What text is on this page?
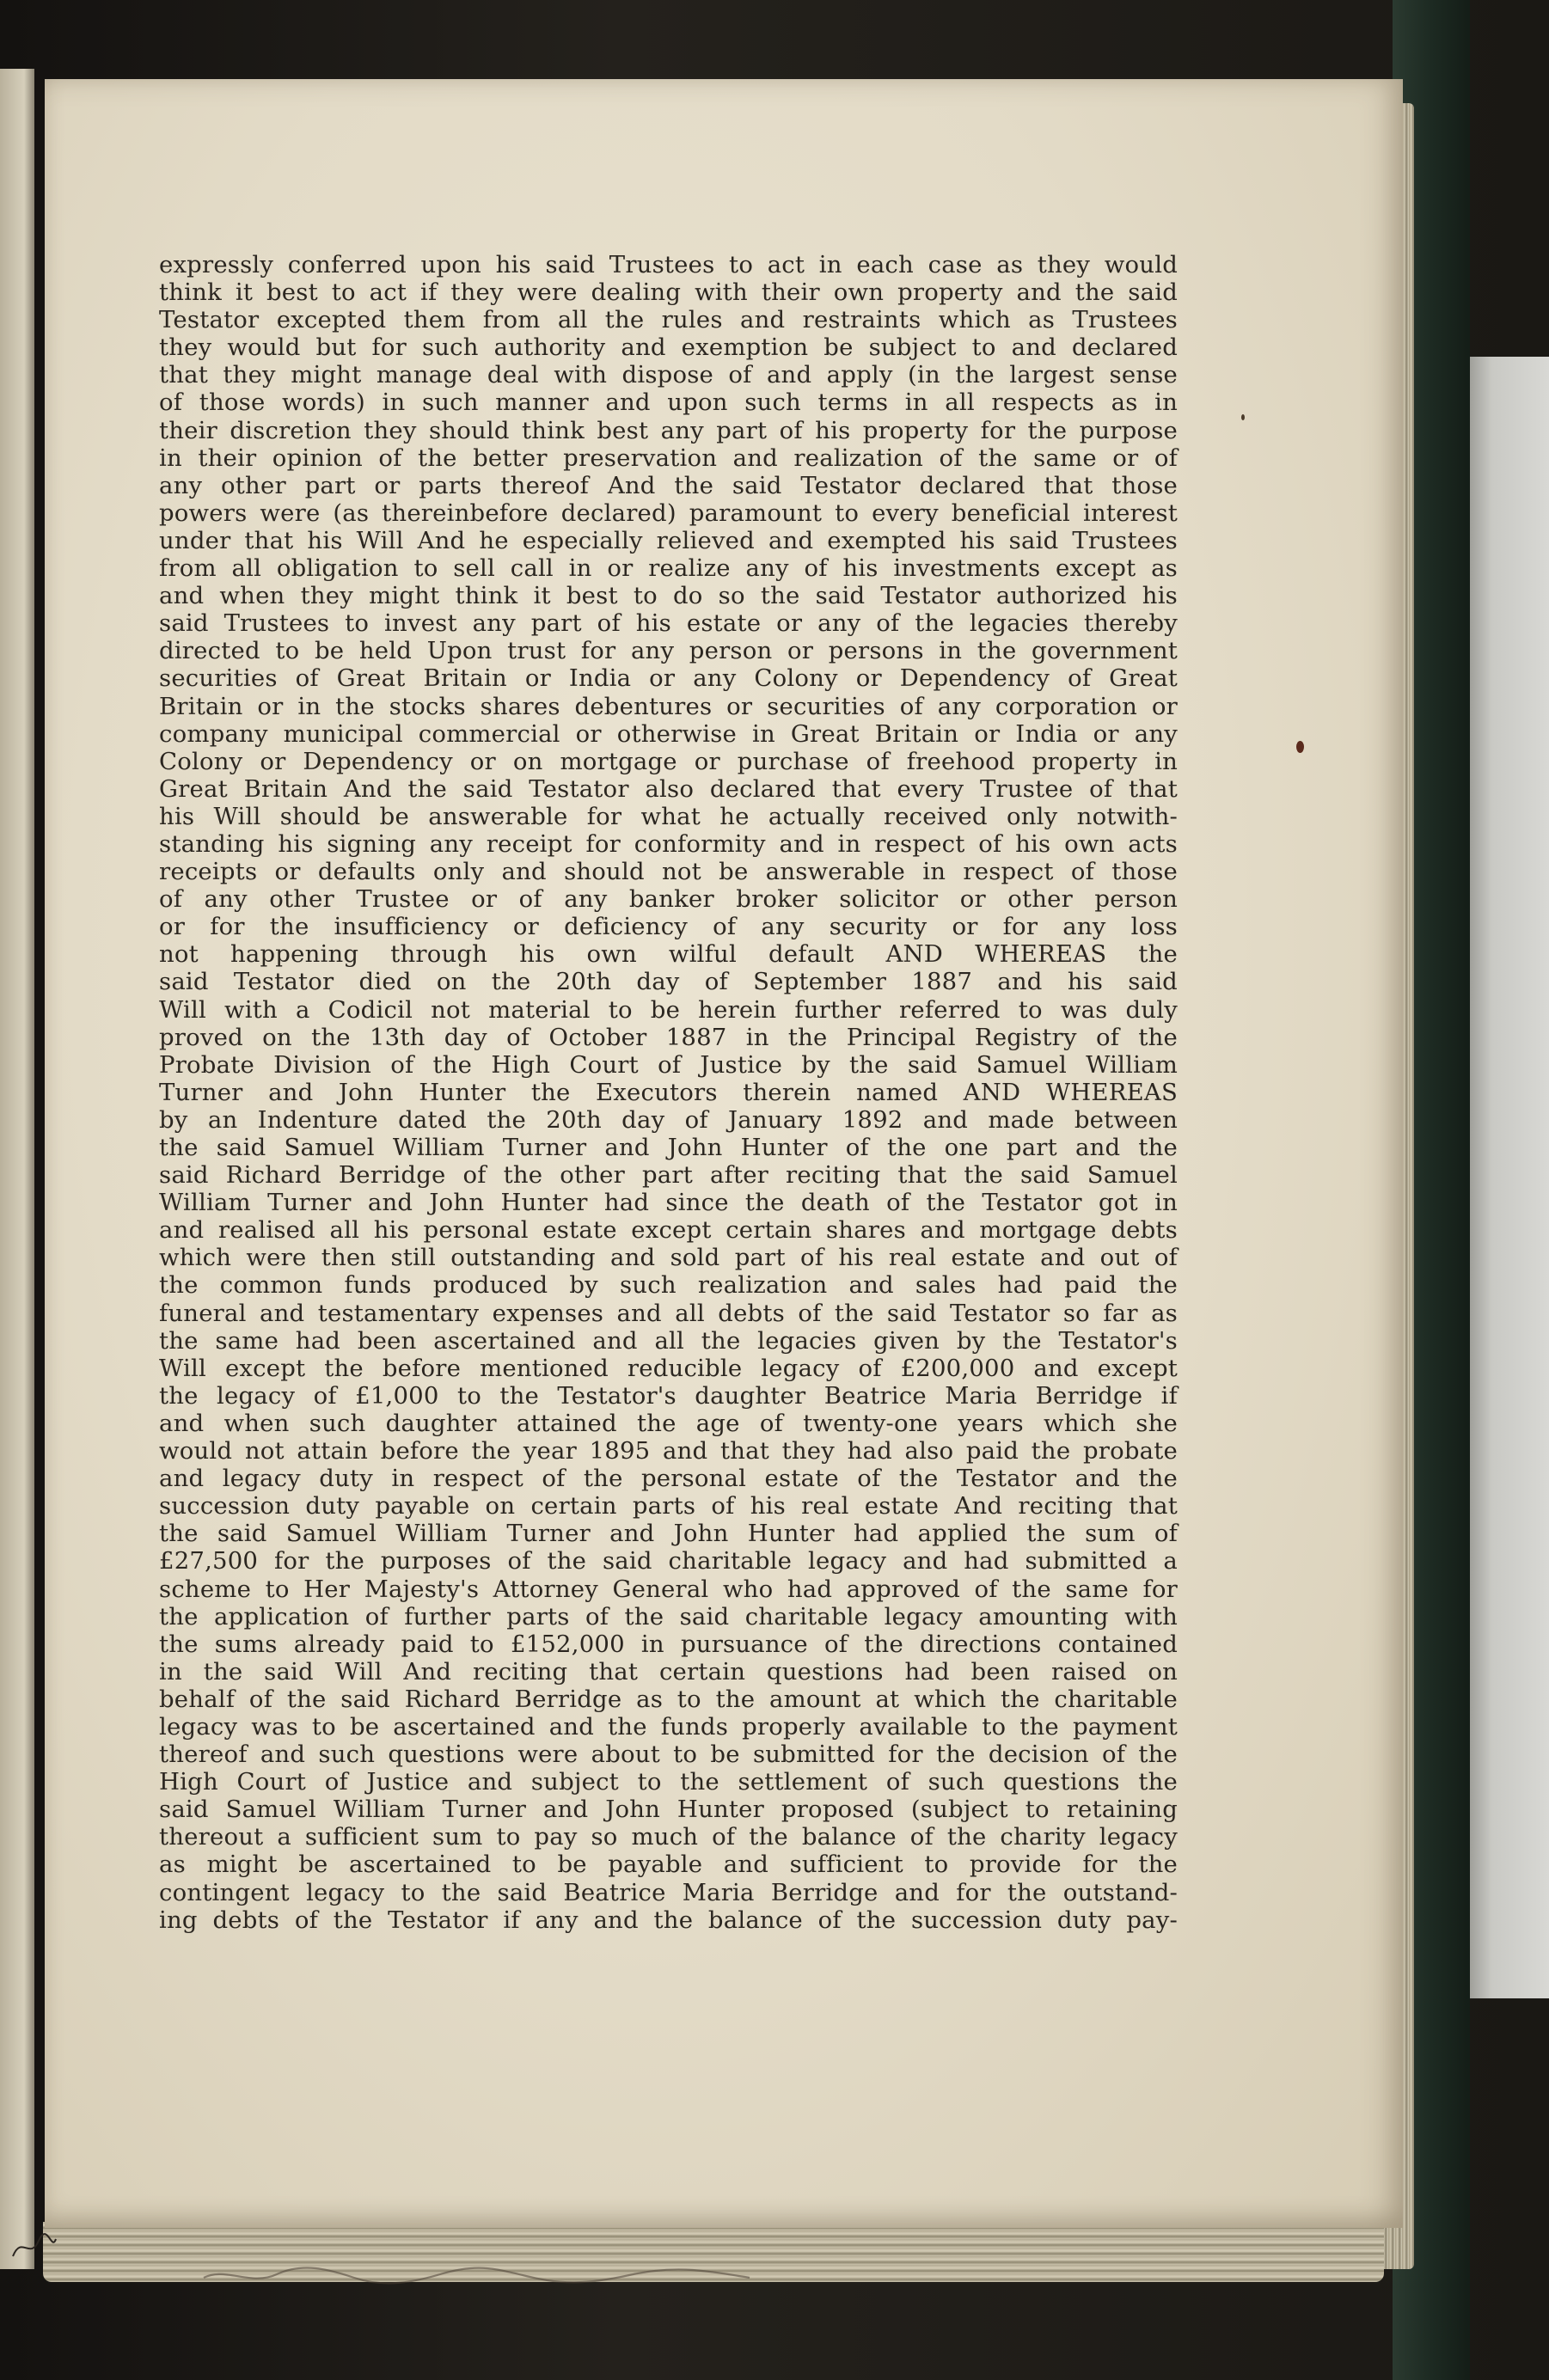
expressly conferred upon his said Trustees to act in each case as they would
think it best to act if they were dealing with their own property and the said
Testator excepted them from all the rules and restraints which as Trustees
they would but for such authority and exemption be subject to and declared
that they might manage deal with dispose of and apply (in the largest sense
of those words) in such manner and upon such terms in all respects as in
their discretion they should think best any part of his property for the purpose
in their opinion of the better preservation and realization of the same or of
any other part or parts thereof And the said Testator declared that those
powers were (as thereinbefore declared) paramount to every beneficial interest
under that his Will And he especially relieved and exempted his said Trustees
from all obligation to sell call in or realize any of his investments except as
and when they might think it best to do so the said Testator authorized his
said Trustees to invest any part of his estate or any of the legacies thereby
directed to be held Upon trust for any person or persons in the government
securities of Great Britain or India or any Colony or Dependency of Great
Britain or in the stocks shares debentures or securities of any corporation or
company municipal commercial or otherwise in Great Britain or India or any
Colony or Dependency or on mortgage or purchase of freehood property in
Great Britain And the said Testator also declared that every Trustee of that
his Will should be answerable for what he actually received only notwith-
standing his signing any receipt for conformity and in respect of his own acts
receipts or defaults only and should not be answerable in respect of those
of any other Trustee or of any banker broker solicitor or other person
or for the insufficiency or deficiency of any security or for any loss
not happening through his own wilful default AND WHEREAS the
said Testator died on the 20th day of September 1887 and his said
Will with a Codicil not material to be herein further referred to was duly
proved on the 13th day of October 1887 in the Principal Registry of the
Probate Division of the High Court of Justice by the said Samuel William
Turner and John Hunter the Executors therein named AND WHEREAS
by an Indenture dated the 20th day of January 1892 and made between
the said Samuel William Turner and John Hunter of the one part and the
said Richard Berridge of the other part after reciting that the said Samuel
William Turner and John Hunter had since the death of the Testator got in
and realised all his personal estate except certain shares and mortgage debts
which were then still outstanding and sold part of his real estate and out of
the common funds produced by such realization and sales had paid the
funeral and testamentary expenses and all debts of the said Testator so far as
the same had been ascertained and all the legacies given by the Testator's
Will except the before mentioned reducible legacy of £200,000 and except
the legacy of £1,000 to the Testator's daughter Beatrice Maria Berridge if
and when such daughter attained the age of twenty-one years which she
would not attain before the year 1895 and that they had also paid the probate
and legacy duty in respect of the personal estate of the Testator and the
succession duty payable on certain parts of his real estate And reciting that
the said Samuel William Turner and John Hunter had applied the sum of
£27,500 for the purposes of the said charitable legacy and had submitted a
scheme to Her Majesty's Attorney General who had approved of the same for
the application of further parts of the said charitable legacy amounting with
the sums already paid to £152,000 in pursuance of the directions contained
in the said Will And reciting that certain questions had been raised on
behalf of the said Richard Berridge as to the amount at which the charitable
legacy was to be ascertained and the funds properly available to the payment
thereof and such questions were about to be submitted for the decision of the
High Court of Justice and subject to the settlement of such questions the
said Samuel William Turner and John Hunter proposed (subject to retaining
thereout a sufficient sum to pay so much of the balance of the charity legacy
as might be ascertained to be payable and sufficient to provide for the
contingent legacy to the said Beatrice Maria Berridge and for the outstand-
ing debts of the Testator if any and the balance of the succession duty pay-
